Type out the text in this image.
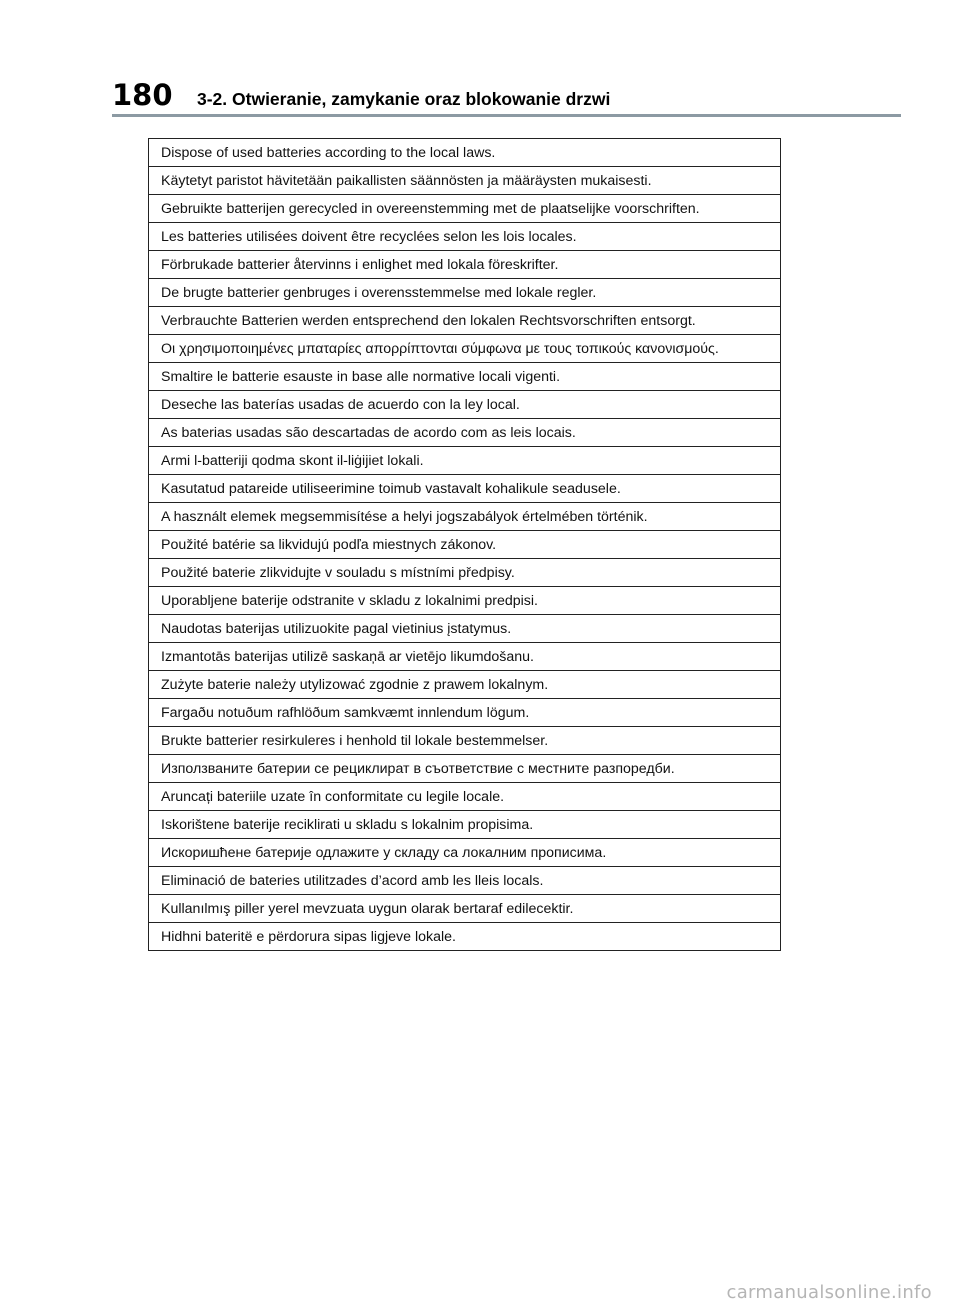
180	3-2. Otwieranie, zamykanie oraz blokowanie drzwi
Dispose of used batteries according to the local laws.
Käytetyt paristot hävitetään paikallisten säännösten ja määräysten mukaisesti.
Gebruikte batterijen gerecycled in overeenstemming met de plaatselijke voorschriften.
Les batteries utilisées doivent être recyclées selon les lois locales.
Förbrukade batterier återvinns i enlighet med lokala föreskrifter.
De brugte batterier genbruges i overensstemmelse med lokale regler.
Verbrauchte Batterien werden entsprechend den lokalen Rechtsvorschriften entsorgt.
Οι χρησιμοποιημένες μπαταρίες απορρίπτονται σύμφωνα με τους τοπικούς κανονισμούς.
Smaltire le batterie esauste in base alle normative locali vigenti.
Deseche las baterías usadas de acuerdo con la ley local.
As baterias usadas são descartadas de acordo com as leis locais.
Armi l-batteriji qodma skont il-liġijiet lokali.
Kasutatud patareide utiliseerimine toimub vastavalt kohalikule seadusele.
A használt elemek megsemmisítése a helyi jogszabályok értelmében történik.
Použité batérie sa likvidujú podľa miestnych zákonov.
Použité baterie zlikvidujte v souladu s místními předpisy.
Uporabljene baterije odstranite v skladu z lokalnimi predpisi.
Naudotas baterijas utilizuokite pagal vietinius įstatymus.
Izmantotās baterijas utilizē saskaņā ar vietējo likumdošanu.
Zużyte baterie należy utylizować zgodnie z prawem lokalnym.
Fargaðu notuðum rafhlöðum samkvæmt innlendum lögum.
Brukte batterier resirkuleres i henhold til lokale bestemmelser.
Използваните батерии се рециклират в съответствие с местните разпоредби.
Aruncați bateriile uzate în conformitate cu legile locale.
Iskorištene baterije reciklirati u skladu s lokalnim propisima.
Искоришћене батерије одлажите у складу са локалним прописима.
Eliminació de bateries utilitzades d’acord amb les lleis locals.
Kullanılmış piller yerel mevzuata uygun olarak bertaraf edilecektir.
Hidhni bateritë e përdorura sipas ligjeve lokale.
carmanualsonline.info
